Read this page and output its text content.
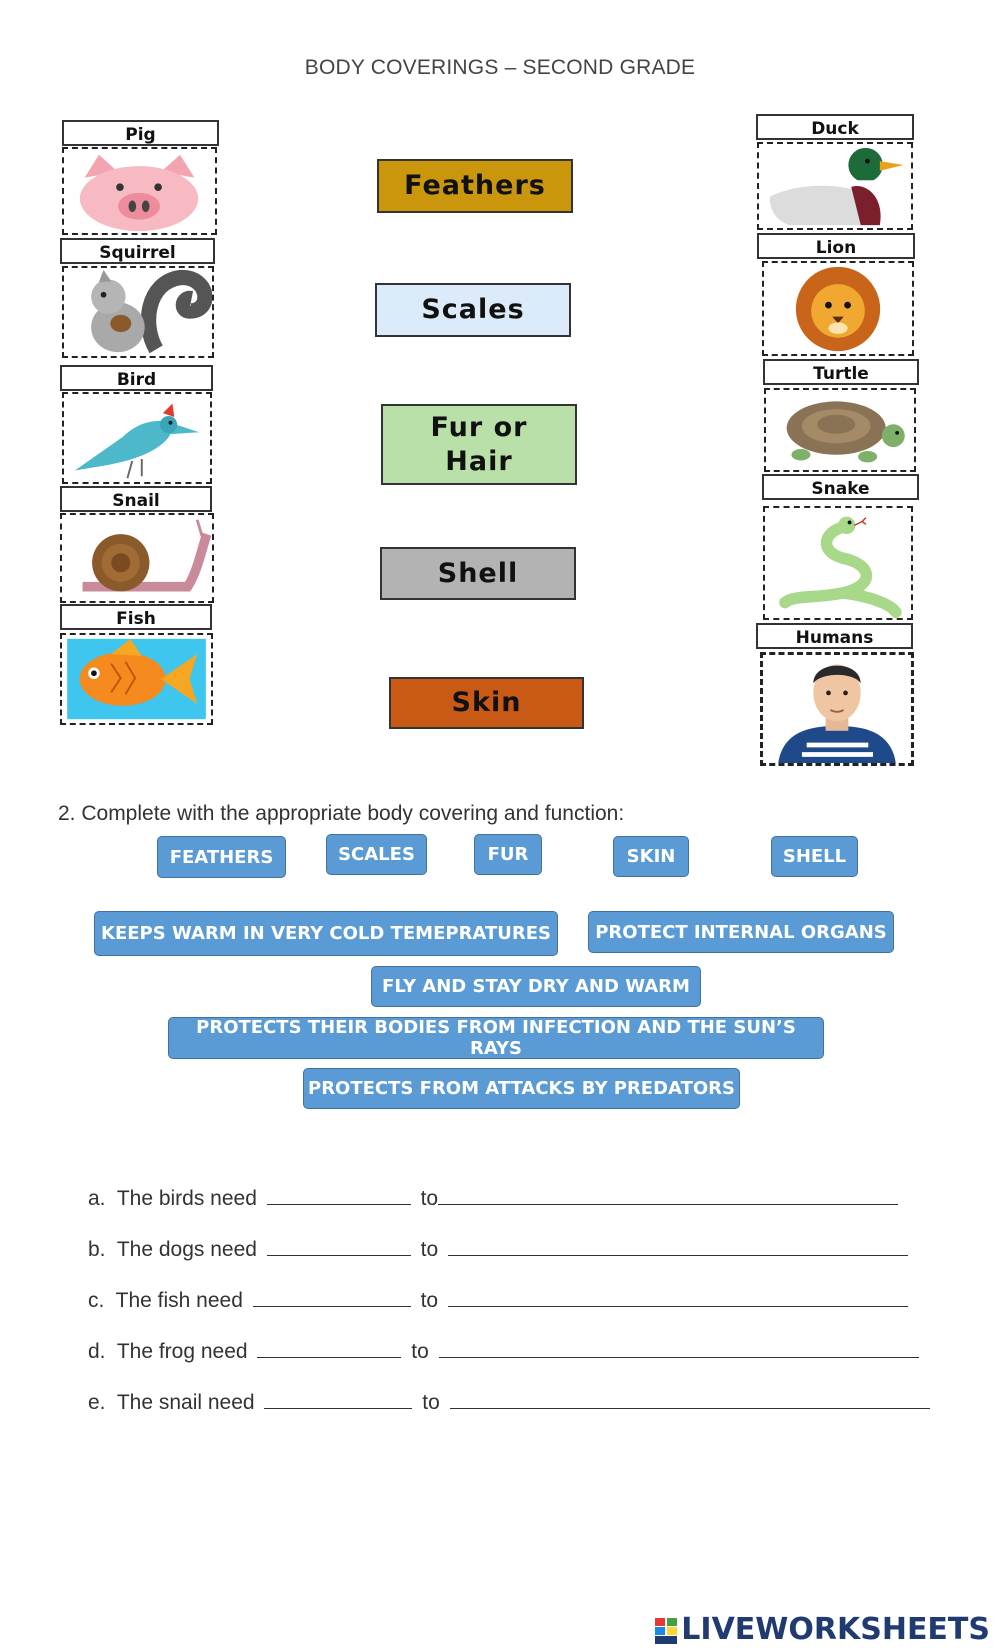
BODY COVERINGS – SECOND GRADE
Pig
Squirrel
Bird
Snail
Fish
Feathers
Scales
Fur or Hair
Shell
Skin
Duck
Lion
Turtle
Snake
Humans
2. Complete with the appropriate body covering and function:
FEATHERS	SCALES	FUR	SKIN	SHELL
KEEPS WARM IN VERY COLD TEMEPRATURES	PROTECT INTERNAL ORGANS
FLY AND STAY DRY AND WARM
PROTECTS THEIR BODIES FROM INFECTION AND THE SUN’S RAYS
PROTECTS FROM ATTACKS BY PREDATORS
a. The birds need	to
b. The dogs need	to
c. The fish need	to
d. The frog need	to
e. The snail need	to
LIVEWORKSHEETS
